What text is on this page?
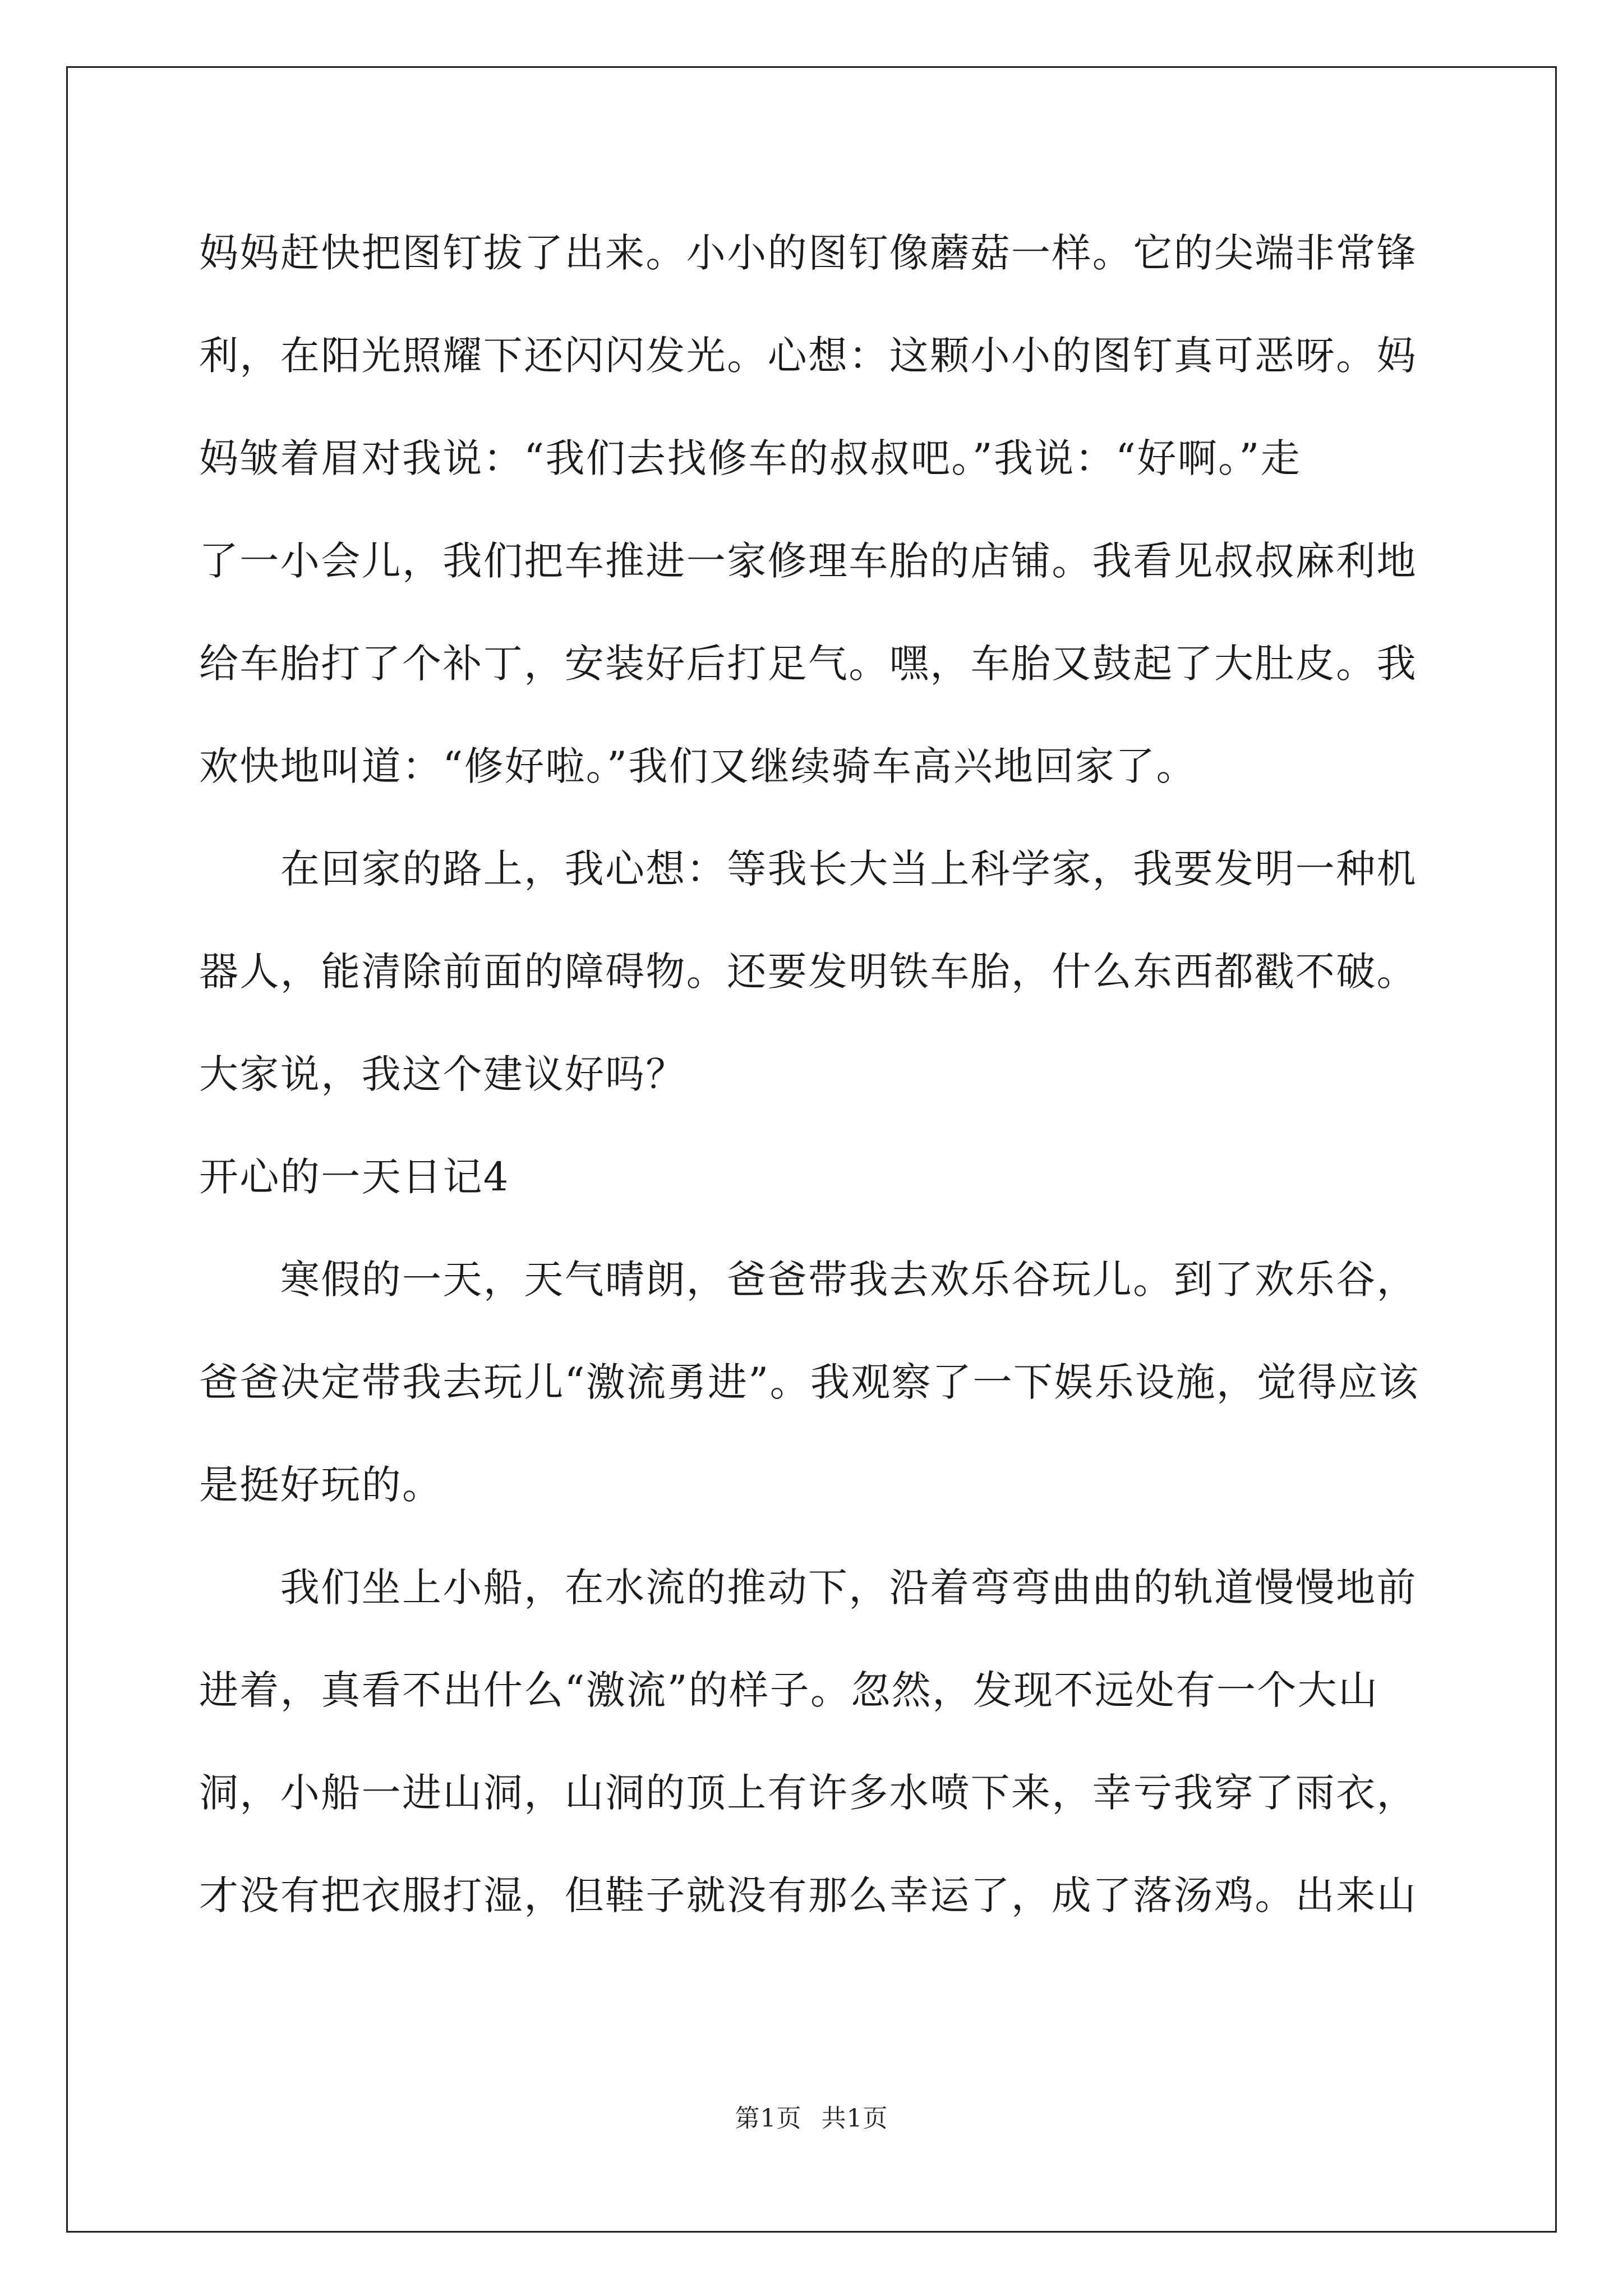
妈妈赶快把图钉拔了出来。小小的图钉像蘑菇一样。它的尖端非常锋
利，在阳光照耀下还闪闪发光。心想：这颗小小的图钉真可恶呀。妈
妈皱着眉对我说：“我们去找修车的叔叔吧。”我说：“好啊。”走
了一小会儿，我们把车推进一家修理车胎的店铺。我看见叔叔麻利地
给车胎打了个补丁，安装好后打足气。嘿，车胎又鼓起了大肚皮。我
欢快地叫道：“修好啦。”我们又继续骑车高兴地回家了。
　　在回家的路上，我心想：等我长大当上科学家，我要发明一种机
器人，能清除前面的障碍物。还要发明铁车胎，什么东西都戳不破。
大家说，我这个建议好吗？
开心的一天日记4
　　寒假的一天，天气晴朗，爸爸带我去欢乐谷玩儿。到了欢乐谷，
爸爸决定带我去玩儿“激流勇进”。我观察了一下娱乐设施，觉得应该
是挺好玩的。
　　我们坐上小船，在水流的推动下，沿着弯弯曲曲的轨道慢慢地前
进着，真看不出什么“激流”的样子。忽然，发现不远处有一个大山
洞，小船一进山洞，山洞的顶上有许多水喷下来，幸亏我穿了雨衣，
才没有把衣服打湿，但鞋子就没有那么幸运了，成了落汤鸡。出来山
第1页 共1页
